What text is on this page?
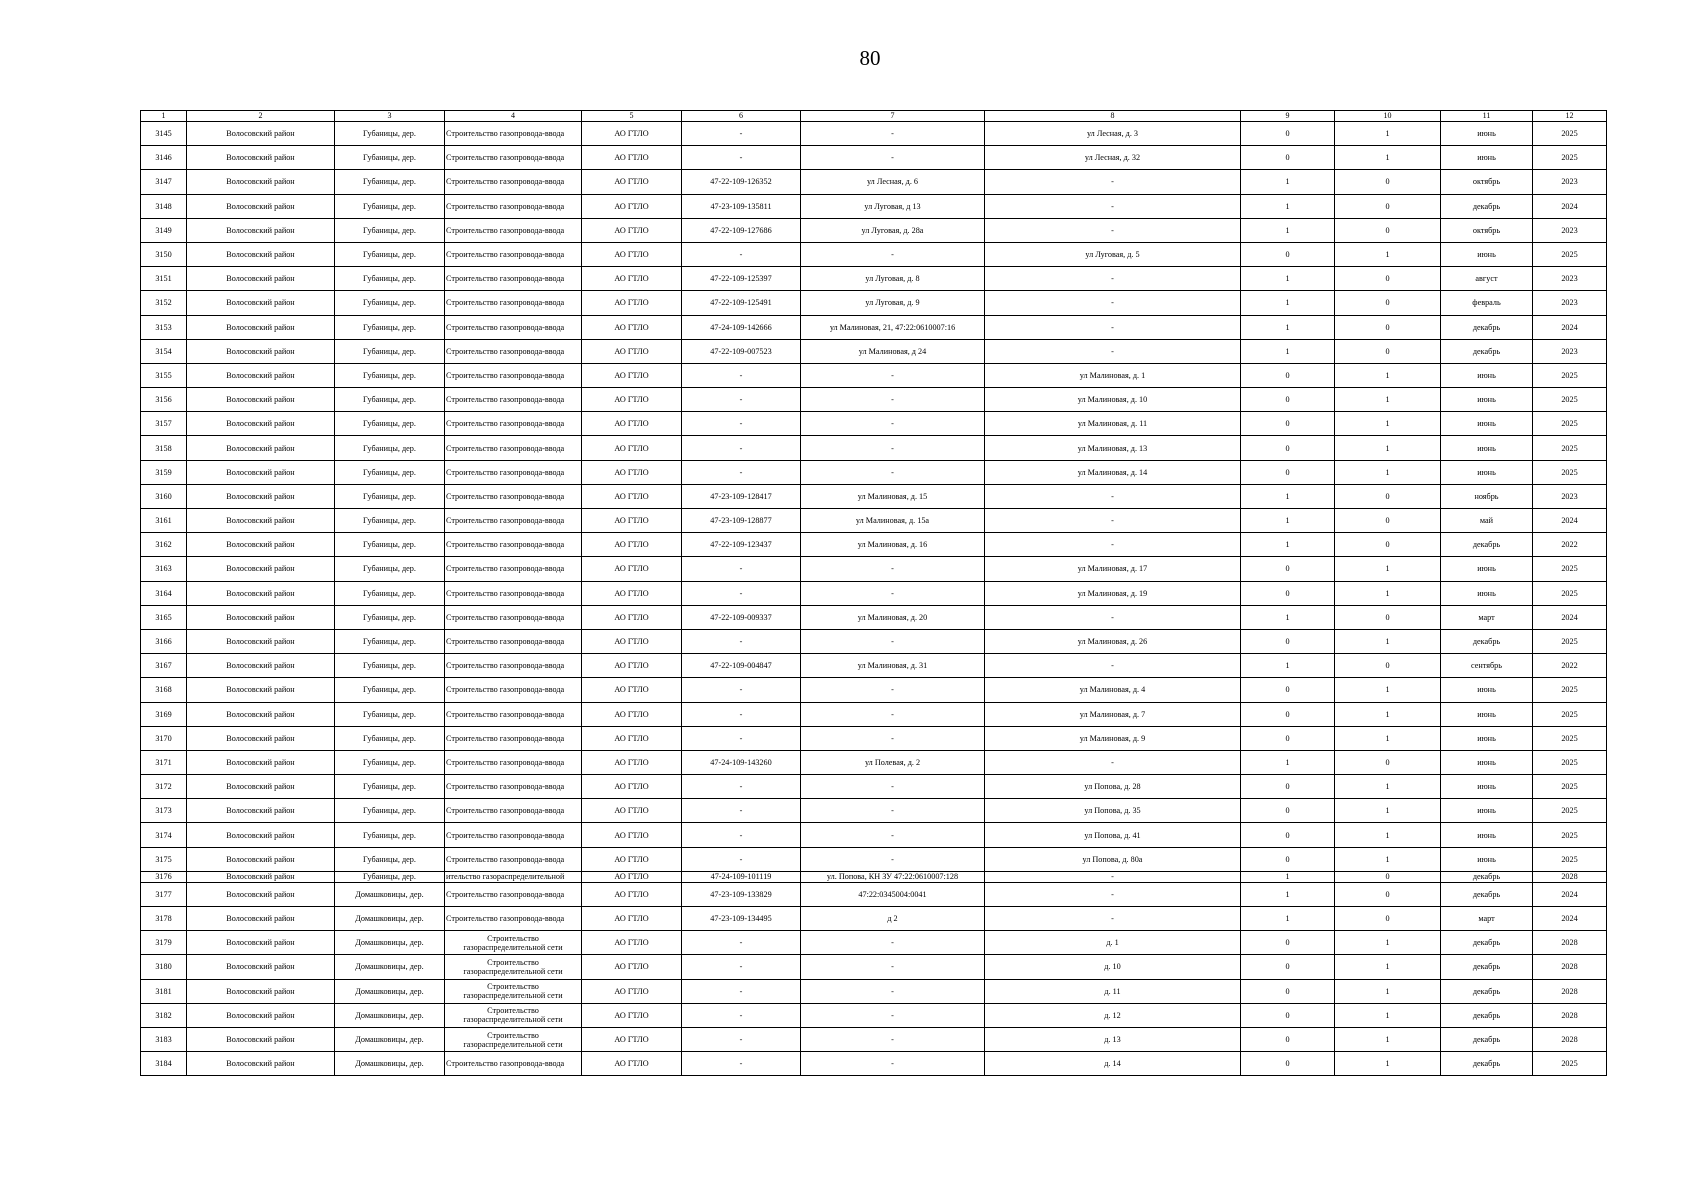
80
1	2	3	4	5	6	7	8	9	10	11	12
3145	Волосовский район	Губаницы, дер.	Строительство газопровода-ввода	АО ГТЛО	-	-	ул Лесная, д. 3	0	1	июнь	2025
3146	Волосовский район	Губаницы, дер.	Строительство газопровода-ввода	АО ГТЛО	-	-	ул Лесная, д. 32	0	1	июнь	2025
3147	Волосовский район	Губаницы, дер.	Строительство газопровода-ввода	АО ГТЛО	47-22-109-126352	ул Лесная, д. 6	-	1	0	октябрь	2023
3148	Волосовский район	Губаницы, дер.	Строительство газопровода-ввода	АО ГТЛО	47-23-109-135811	ул Луговая, д 13	-	1	0	декабрь	2024
3149	Волосовский район	Губаницы, дер.	Строительство газопровода-ввода	АО ГТЛО	47-22-109-127686	ул Луговая, д. 28а	-	1	0	октябрь	2023
3150	Волосовский район	Губаницы, дер.	Строительство газопровода-ввода	АО ГТЛО	-	-	ул Луговая, д. 5	0	1	июнь	2025
3151	Волосовский район	Губаницы, дер.	Строительство газопровода-ввода	АО ГТЛО	47-22-109-125397	ул Луговая, д. 8	-	1	0	август	2023
3152	Волосовский район	Губаницы, дер.	Строительство газопровода-ввода	АО ГТЛО	47-22-109-125491	ул Луговая, д. 9	-	1	0	февраль	2023
3153	Волосовский район	Губаницы, дер.	Строительство газопровода-ввода	АО ГТЛО	47-24-109-142666	ул Малиновая, 21, 47:22:0610007:16	-	1	0	декабрь	2024
3154	Волосовский район	Губаницы, дер.	Строительство газопровода-ввода	АО ГТЛО	47-22-109-007523	ул Малиновая, д 24	-	1	0	декабрь	2023
3155	Волосовский район	Губаницы, дер.	Строительство газопровода-ввода	АО ГТЛО	-	-	ул Малиновая, д. 1	0	1	июнь	2025
3156	Волосовский район	Губаницы, дер.	Строительство газопровода-ввода	АО ГТЛО	-	-	ул Малиновая, д. 10	0	1	июнь	2025
3157	Волосовский район	Губаницы, дер.	Строительство газопровода-ввода	АО ГТЛО	-	-	ул Малиновая, д. 11	0	1	июнь	2025
3158	Волосовский район	Губаницы, дер.	Строительство газопровода-ввода	АО ГТЛО	-	-	ул Малиновая, д. 13	0	1	июнь	2025
3159	Волосовский район	Губаницы, дер.	Строительство газопровода-ввода	АО ГТЛО	-	-	ул Малиновая, д. 14	0	1	июнь	2025
3160	Волосовский район	Губаницы, дер.	Строительство газопровода-ввода	АО ГТЛО	47-23-109-128417	ул Малиновая, д. 15	-	1	0	ноябрь	2023
3161	Волосовский район	Губаницы, дер.	Строительство газопровода-ввода	АО ГТЛО	47-23-109-128877	ул Малиновая, д. 15а	-	1	0	май	2024
3162	Волосовский район	Губаницы, дер.	Строительство газопровода-ввода	АО ГТЛО	47-22-109-123437	ул Малиновая, д. 16	-	1	0	декабрь	2022
3163	Волосовский район	Губаницы, дер.	Строительство газопровода-ввода	АО ГТЛО	-	-	ул Малиновая, д. 17	0	1	июнь	2025
3164	Волосовский район	Губаницы, дер.	Строительство газопровода-ввода	АО ГТЛО	-	-	ул Малиновая, д. 19	0	1	июнь	2025
3165	Волосовский район	Губаницы, дер.	Строительство газопровода-ввода	АО ГТЛО	47-22-109-009337	ул Малиновая, д. 20	-	1	0	март	2024
3166	Волосовский район	Губаницы, дер.	Строительство газопровода-ввода	АО ГТЛО	-	-	ул Малиновая, д. 26	0	1	декабрь	2025
3167	Волосовский район	Губаницы, дер.	Строительство газопровода-ввода	АО ГТЛО	47-22-109-004847	ул Малиновая, д. 31	-	1	0	сентябрь	2022
3168	Волосовский район	Губаницы, дер.	Строительство газопровода-ввода	АО ГТЛО	-	-	ул Малиновая, д. 4	0	1	июнь	2025
3169	Волосовский район	Губаницы, дер.	Строительство газопровода-ввода	АО ГТЛО	-	-	ул Малиновая, д. 7	0	1	июнь	2025
3170	Волосовский район	Губаницы, дер.	Строительство газопровода-ввода	АО ГТЛО	-	-	ул Малиновая, д. 9	0	1	июнь	2025
3171	Волосовский район	Губаницы, дер.	Строительство газопровода-ввода	АО ГТЛО	47-24-109-143260	ул Полевая, д. 2	-	1	0	июнь	2025
3172	Волосовский район	Губаницы, дер.	Строительство газопровода-ввода	АО ГТЛО	-	-	ул Попова, д. 28	0	1	июнь	2025
3173	Волосовский район	Губаницы, дер.	Строительство газопровода-ввода	АО ГТЛО	-	-	ул Попова, д. 35	0	1	июнь	2025
3174	Волосовский район	Губаницы, дер.	Строительство газопровода-ввода	АО ГТЛО	-	-	ул Попова, д. 41	0	1	июнь	2025
3175	Волосовский район	Губаницы, дер.	Строительство газопровода-ввода	АО ГТЛО	-	-	ул Попова, д. 80а	0	1	июнь	2025
3176	Волосовский район	Губаницы, дер.	ительство газораспределительной	АО ГТЛО	47-24-109-101119	ул. Попова, КН ЗУ 47:22:0610007:128	-	1	0	декабрь	2028
3177	Волосовский район	Домашковицы, дер.	Строительство газопровода-ввода	АО ГТЛО	47-23-109-133829	47:22:0345004:0041	-	1	0	декабрь	2024
3178	Волосовский район	Домашковицы, дер.	Строительство газопровода-ввода	АО ГТЛО	47-23-109-134495	д 2	-	1	0	март	2024
3179	Волосовский район	Домашковицы, дер.	Строительство газораспределительной сети	АО ГТЛО	-	-	д. 1	0	1	декабрь	2028
3180	Волосовский район	Домашковицы, дер.	Строительство газораспределительной сети	АО ГТЛО	-	-	д. 10	0	1	декабрь	2028
3181	Волосовский район	Домашковицы, дер.	Строительство газораспределительной сети	АО ГТЛО	-	-	д. 11	0	1	декабрь	2028
3182	Волосовский район	Домашковицы, дер.	Строительство газораспределительной сети	АО ГТЛО	-	-	д. 12	0	1	декабрь	2028
3183	Волосовский район	Домашковицы, дер.	Строительство газораспределительной сети	АО ГТЛО	-	-	д. 13	0	1	декабрь	2028
3184	Волосовский район	Домашковицы, дер.	Строительство газопровода-ввода	АО ГТЛО	-	-	д. 14	0	1	декабрь	2025
